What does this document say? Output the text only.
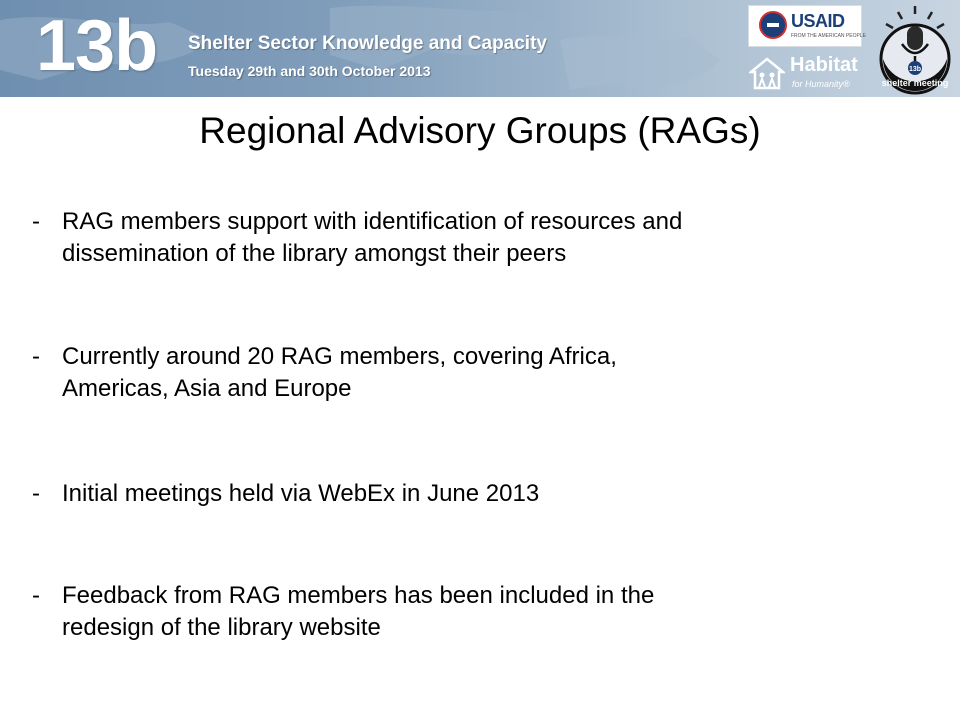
13b Shelter Sector Knowledge and Capacity
Tuesday 29th and 30th October 2013
USAID
FROM THE AMERICAN PEOPLE
Habitat
for Humanity®
13b
shelter meeting
Regional Advisory Groups (RAGs)
- RAG members support with identification of resources and
dissemination of the library amongst their peers
- Currently around 20 RAG members, covering Africa,
Americas, Asia and Europe
- Initial meetings held via WebEx in June 2013
- Feedback from RAG members has been included in the
redesign of the library website
